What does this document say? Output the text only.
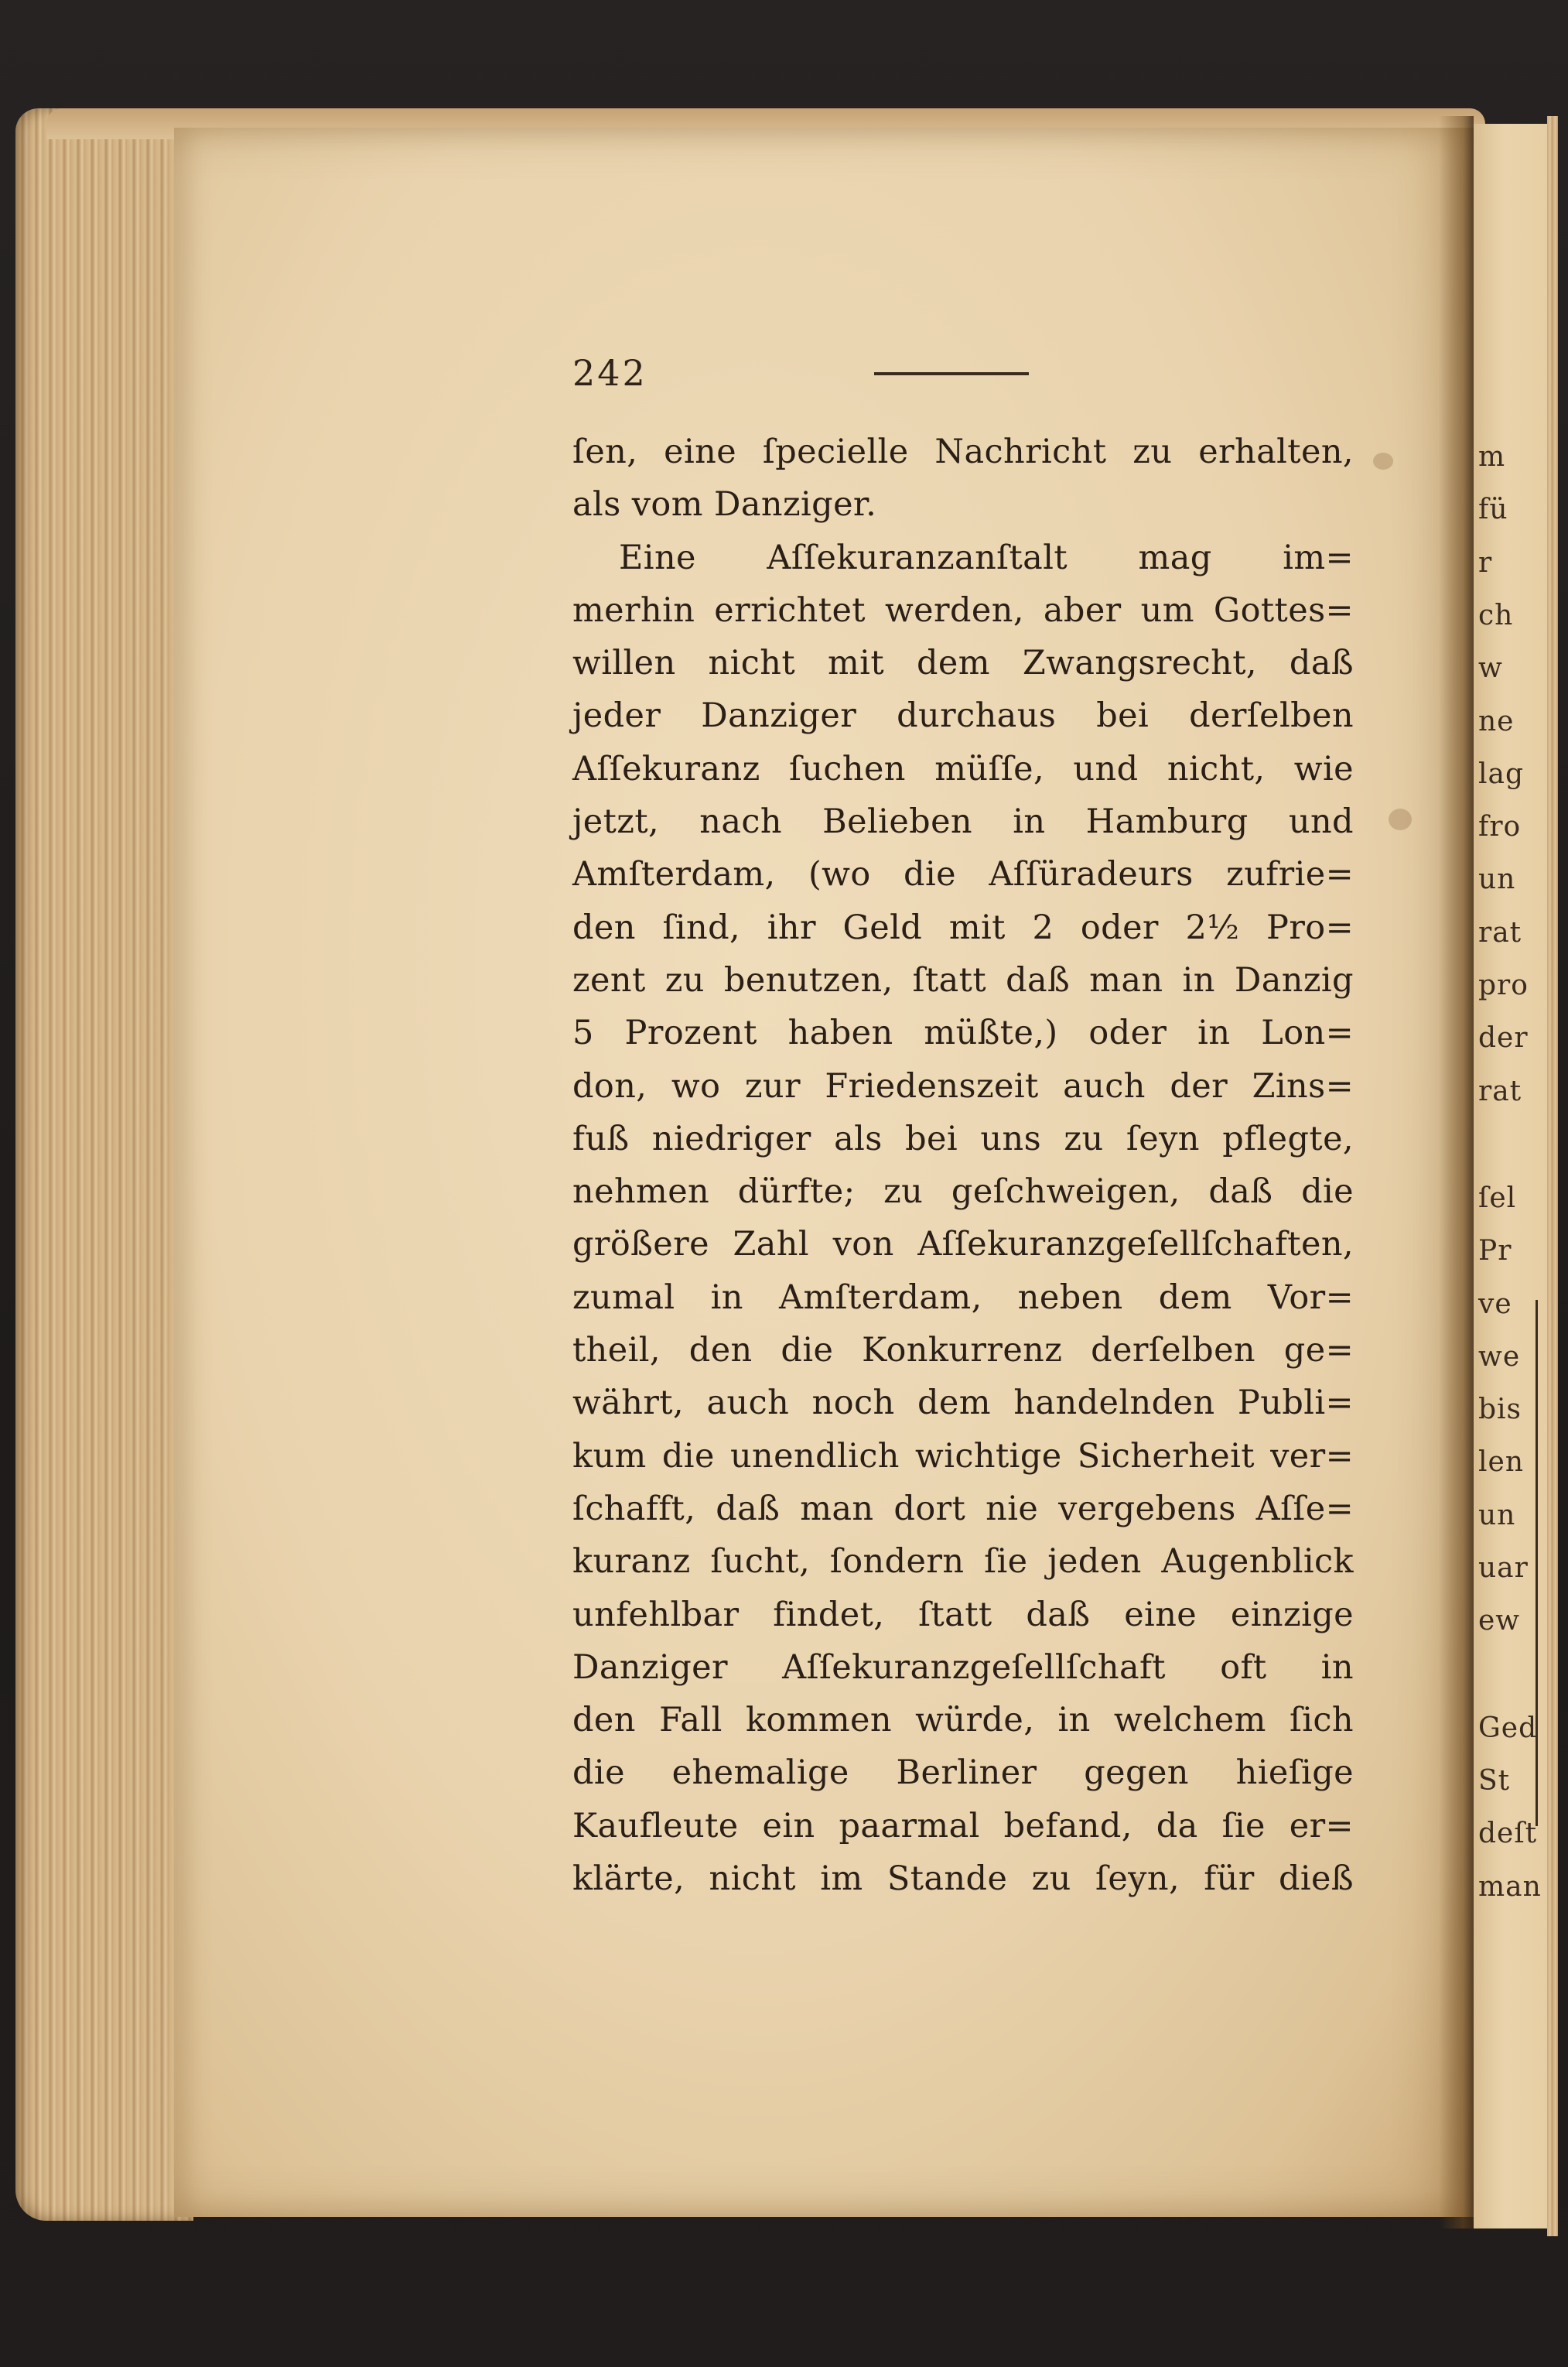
m
fü
r
ch
w
ne
lag
fro
un
rat
pro
der
rat
ſel
Pr
ve
we
bis
len
un
uar
ew
Ged
St
deſt
man
242
ſen, eine ſpecielle Nachricht zu erhalten,
als vom Danziger.
Eine Aſſekuranzanſtalt mag im=
merhin errichtet werden, aber um Gottes=
willen nicht mit dem Zwangsrecht, daß
jeder Danziger durchaus bei derſelben
Aſſekuranz ſuchen müſſe, und nicht, wie
jetzt, nach Belieben in Hamburg und
Amſterdam, (wo die Aſſüradeurs zufrie=
den ſind, ihr Geld mit 2 oder 2½ Pro=
zent zu benutzen, ſtatt daß man in Danzig
5 Prozent haben müßte,) oder in Lon=
don, wo zur Friedenszeit auch der Zins=
fuß niedriger als bei uns zu ſeyn pflegte,
nehmen dürfte; zu geſchweigen, daß die
größere Zahl von Aſſekuranzgeſellſchaften,
zumal in Amſterdam, neben dem Vor=
theil, den die Konkurrenz derſelben ge=
währt, auch noch dem handelnden Publi=
kum die unendlich wichtige Sicherheit ver=
ſchafft, daß man dort nie vergebens Aſſe=
kuranz ſucht, ſondern ſie jeden Augenblick
unfehlbar findet, ſtatt daß eine einzige
Danziger Aſſekuranzgeſellſchaft oft in
den Fall kommen würde, in welchem ſich
die ehemalige Berliner gegen hieſige
Kaufleute ein paarmal befand, da ſie er=
klärte, nicht im Stande zu ſeyn, für dieß
